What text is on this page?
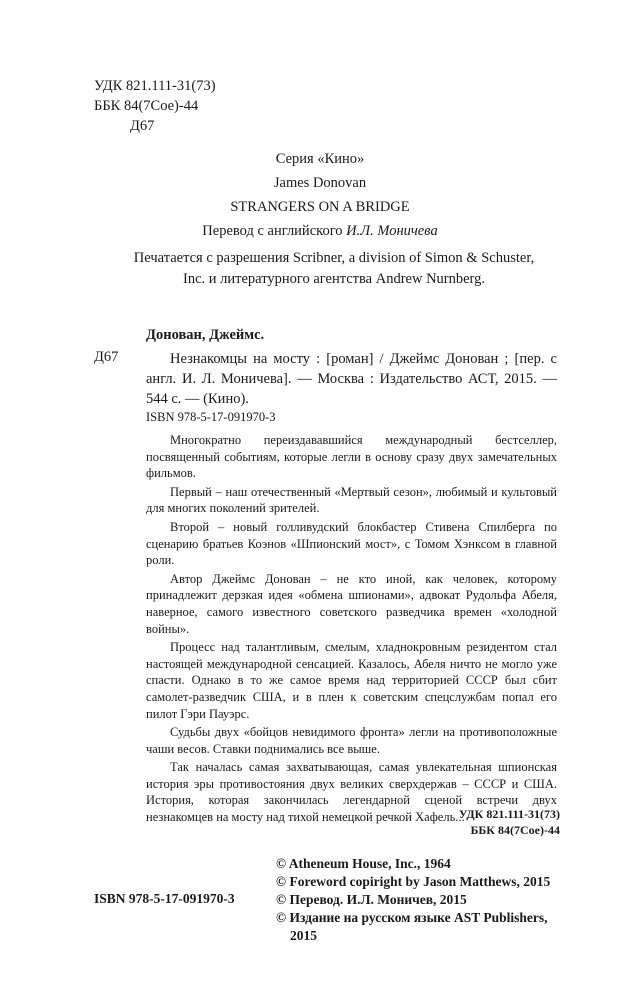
УДК 821.111-31(73)
ББК 84(7Сое)-44
Д67
Серия «Кино»
James Donovan
STRANGERS ON A BRIDGE
Перевод с английского И.Л. Моничева
Печатается с разрешения Scribner, a division of Simon & Schuster,
Inc. и литературного агентства Andrew Nurnberg.
Донован, Джеймс.
Д67	Незнакомцы на мосту : [роман] / Джеймс Донован ; [пер. с англ. И. Л. Моничева]. — Москва : Издательство АСТ, 2015. — 544 с. — (Кино).
ISBN 978-5-17-091970-3

Многократно переиздававшийся международный бестселлер, посвященный событиям, которые легли в основу сразу двух замечательных фильмов.

Первый – наш отечественный «Мертвый сезон», любимый и культовый для многих поколений зрителей.

Второй – новый голливудский блокбастер Стивена Спилберга по сценарию братьев Коэнов «Шпионский мост», с Томом Хэнксом в главной роли.

Автор Джеймс Донован – не кто иной, как человек, которому принадлежит дерзкая идея «обмена шпионами», адвокат Рудольфа Абеля, наверное, самого известного советского разведчика времен «холодной войны».

Процесс над талантливым, смелым, хладнокровным резидентом стал настоящей международной сенсацией. Казалось, Абеля ничто не могло уже спасти. Однако в то же самое время над территорией СССР был сбит самолет-разведчик США, и в плен к советским спецслужбам попал его пилот Гэри Пауэрс.

Судьбы двух «бойцов невидимого фронта» легли на противоположные чаши весов. Ставки поднимались все выше.

Так началась самая захватывающая, самая увлекательная шпионская история эры противостояния двух великих сверхдержав – СССР и США. История, которая закончилась легендарной сценой встречи двух незнакомцев на мосту над тихой немецкой речкой Хафель...

УДК 821.111-31(73)
ББК 84(7Сое)-44
© Atheneum House, Inc., 1964
© Foreword copiright by Jason Matthews, 2015
© Перевод. И.Л. Моничев, 2015
© Издание на русском языке AST Publishers,
2015
ISBN 978-5-17-091970-3
